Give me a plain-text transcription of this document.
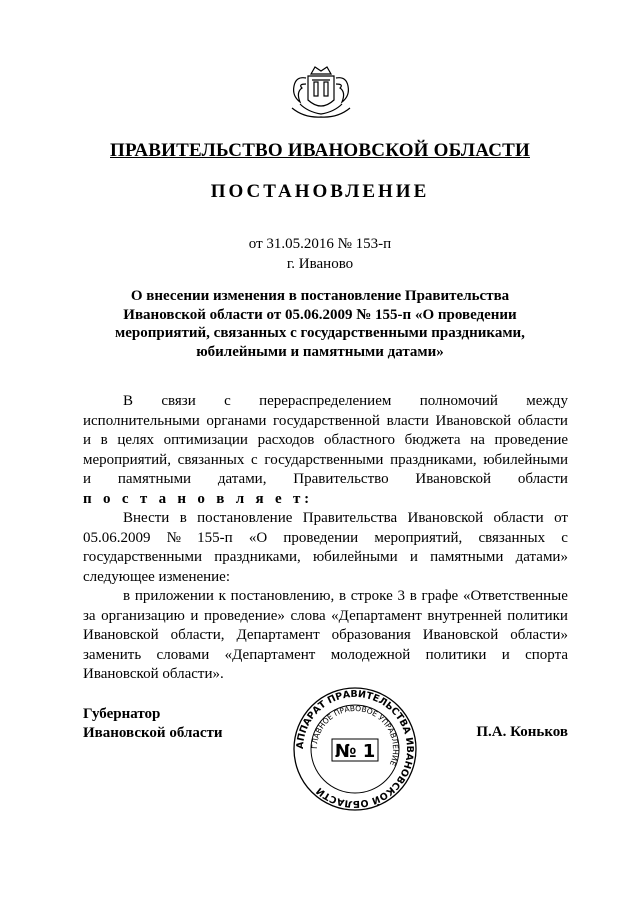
ПРАВИТЕЛЬСТВО ИВАНОВСКОЙ ОБЛАСТИ
ПОСТАНОВЛЕНИЕ
от 31.05.2016 № 153-п
г. Иваново
О внесении изменения в постановление Правительства
Ивановской области от 05.06.2009 № 155-п «О проведении
мероприятий, связанных с государственными праздниками,
юбилейными и памятными датами»
В связи с перераспределением полномочий между
исполнительными органами государственной власти Ивановской области
и в целях оптимизации расходов областного бюджета на проведение
мероприятий, связанных с государственными праздниками, юбилейными
и памятными датами, Правительство Ивановской области
п о с т а н о в л я е т:
Внести в постановление Правительства Ивановской области от
05.06.2009 № 155-п «О проведении мероприятий, связанных с
государственными праздниками, юбилейными и памятными датами»
следующее изменение:
в приложении к постановлению, в строке 3 в графе «Ответственные
за организацию и проведение» слова «Департамент внутренней политики
Ивановской области, Департамент образования Ивановской области»
заменить словами «Департамент молодежной политики и спорта
Ивановской области».
Губернатор
Ивановской области	П.А. Коньков
АППАРАТ ПРАВИТЕЛЬСТВА ИВАНОВСКОЙ ОБЛАСТИ
ГЛАВНОЕ ПРАВОВОЕ УПРАВЛЕНИЕ
№ 1
